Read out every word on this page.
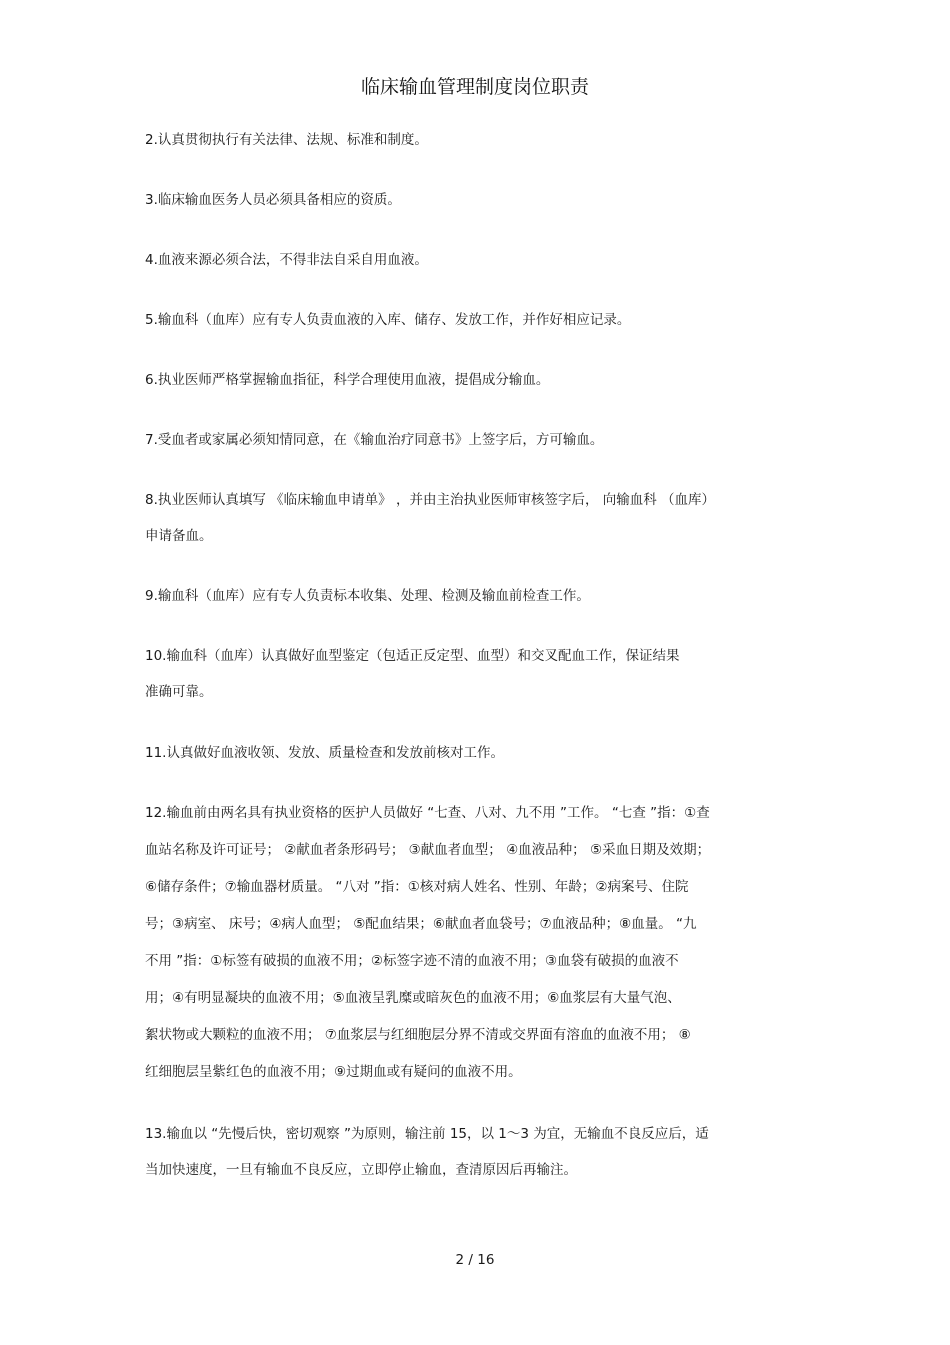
临床输血管理制度岗位职责
2.认真贯彻执行有关法律、法规、标准和制度。
3.临床输血医务人员必须具备相应的资质。
4.血液来源必须合法，不得非法自采自用血液。
5.输血科（血库）应有专人负责血液的入库、储存、发放工作，并作好相应记录。
6.执业医师严格掌握输血指征，科学合理使用血液，提倡成分输血。
7.受血者或家属必须知情同意，在《输血治疗同意书》上签字后，方可输血。
8.执业医师认真填写 《临床输血申请单》 ，并由主治执业医师审核签字后， 向输血科 （血库）
申请备血。
9.输血科（血库）应有专人负责标本收集、处理、检测及输血前检查工作。
10.输血科（血库）认真做好血型鉴定（包适正反定型、血型）和交叉配血工作，保证结果
准确可靠。
11.认真做好血液收领、发放、质量检查和发放前核对工作。
12.输血前由两名具有执业资格的医护人员做好 “七查、八对、九不用 ”工作。 “七查 ”指：①查
血站名称及许可证号； ②献血者条形码号； ③献血者血型； ④血液品种； ⑤采血日期及效期；
⑥储存条件；⑦输血器材质量。 “八对 ”指：①核对病人姓名、性别、年龄；②病案号、住院
号；③病室、 床号；④病人血型； ⑤配血结果；⑥献血者血袋号；⑦血液品种；⑧血量。 “九
不用 ”指：①标签有破损的血液不用；②标签字迹不清的血液不用；③血袋有破损的血液不
用；④有明显凝块的血液不用；⑤血液呈乳糜或暗灰色的血液不用；⑥血浆层有大量气泡、
絮状物或大颗粒的血液不用； ⑦血浆层与红细胞层分界不清或交界面有溶血的血液不用； ⑧
红细胞层呈紫红色的血液不用；⑨过期血或有疑问的血液不用。
13.输血以 “先慢后快，密切观察 ”为原则，输注前 15，以 1～3 为宜，无输血不良反应后，适
当加快速度，一旦有输血不良反应，立即停止输血，查清原因后再输注。
2 / 16
